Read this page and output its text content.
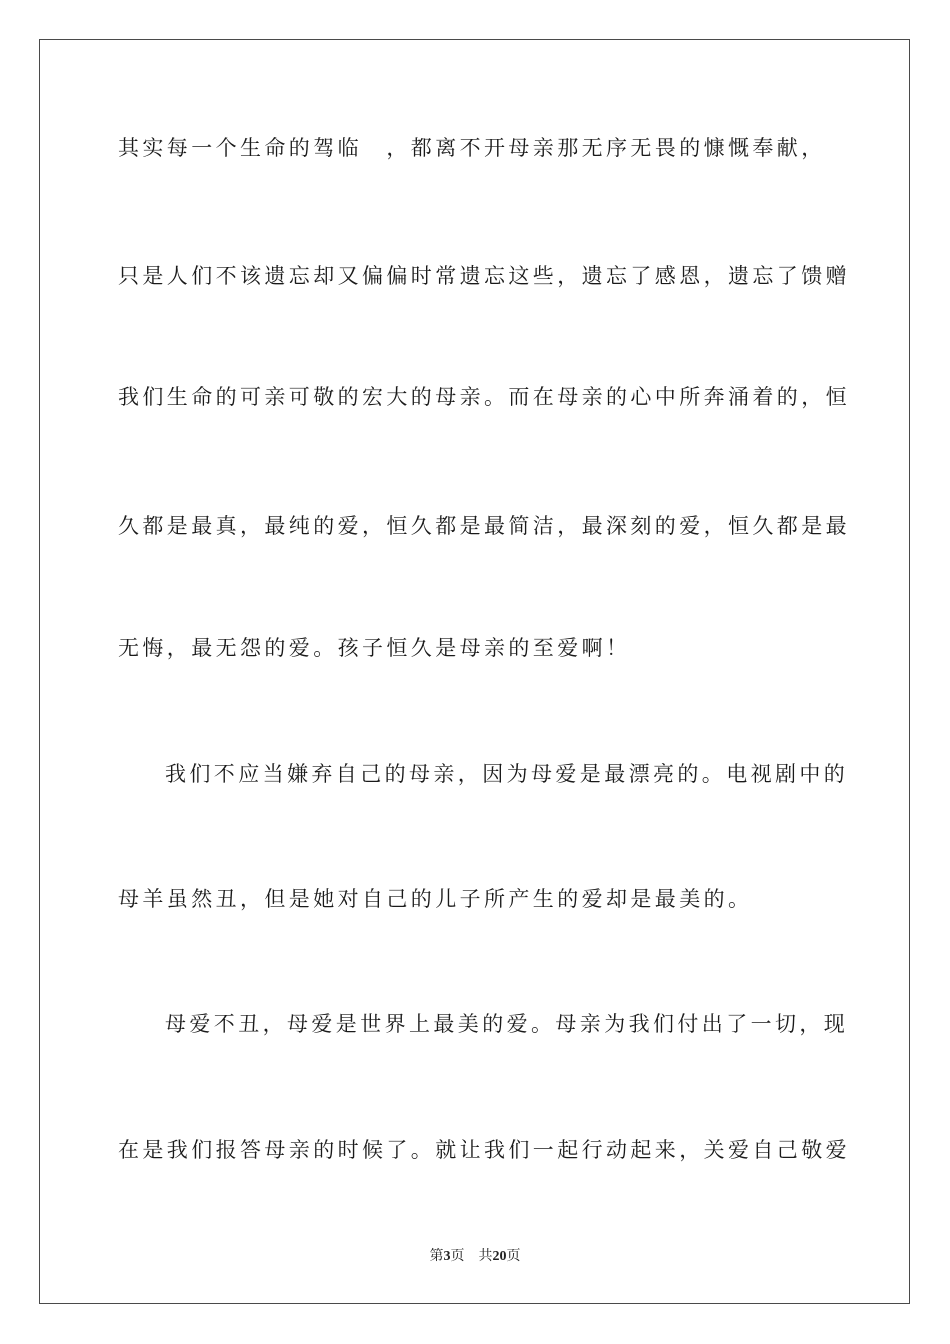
其实每一个生命的驾临　，都离不开母亲那无序无畏的慷慨奉献，
只是人们不该遗忘却又偏偏时常遗忘这些，遗忘了感恩，遗忘了馈赠
我们生命的可亲可敬的宏大的母亲。而在母亲的心中所奔涌着的，恒
久都是最真，最纯的爱，恒久都是最简洁，最深刻的爱，恒久都是最
无悔，最无怨的爱。孩子恒久是母亲的至爱啊！
我们不应当嫌弃自己的母亲，因为母爱是最漂亮的。电视剧中的
母羊虽然丑，但是她对自己的儿子所产生的爱却是最美的。
母爱不丑，母爱是世界上最美的爱。母亲为我们付出了一切，现
在是我们报答母亲的时候了。就让我们一起行动起来，关爱自己敬爱
第3页 共20页
